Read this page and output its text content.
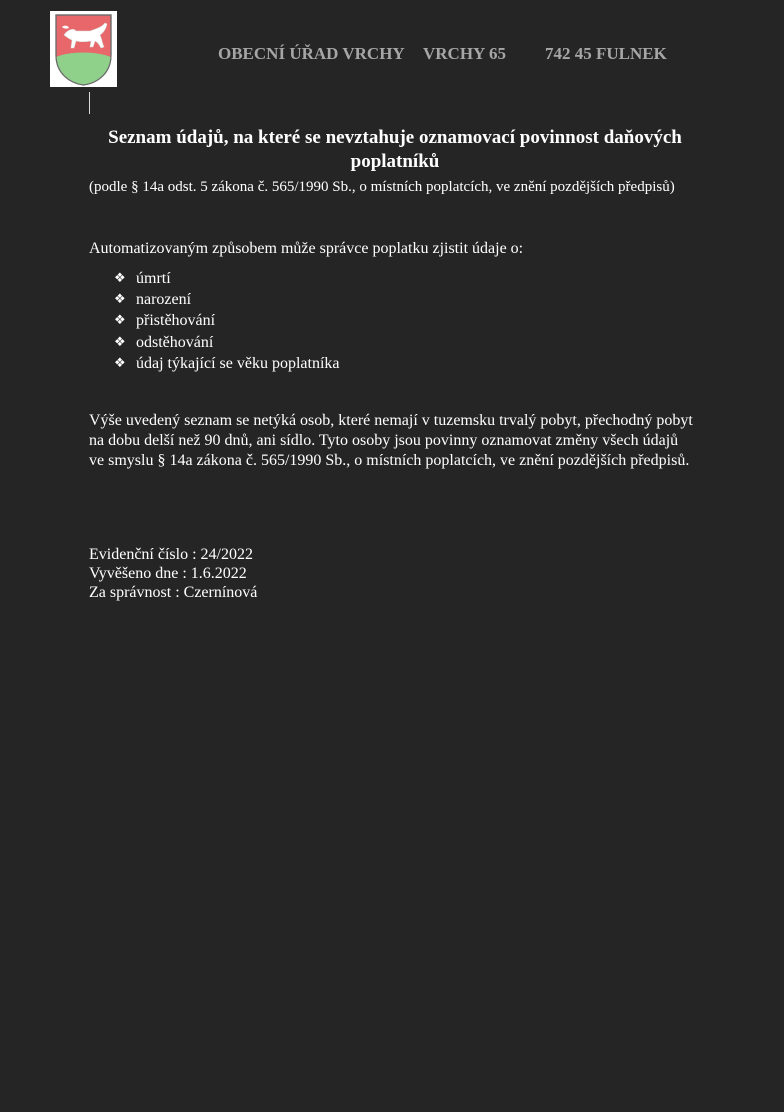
OBECNÍ ÚŘAD VRCHY VRCHY 65 742 45 FULNEK
Seznam údajů, na které se nevztahuje oznamovací povinnost daňových poplatníků

(podle § 14a odst. 5 zákona č. 565/1990 Sb., o místních poplatcích, ve znění pozdějších předpisů)

Automatizovaným způsobem může správce poplatku zjistit údaje o:

❖ úmrtí
❖ narození
❖ přistěhování
❖ odstěhování
❖ údaj týkající se věku poplatníka

Výše uvedený seznam se netýká osob, které nemají v tuzemsku trvalý pobyt, přechodný pobyt na dobu delší než 90 dnů, ani sídlo. Tyto osoby jsou povinny oznamovat změny všech údajů ve smyslu § 14a zákona č. 565/1990 Sb., o místních poplatcích, ve znění pozdějších předpisů.

Evidenční číslo : 24/2022
Vyvěšeno dne : 1.6.2022
Za správnost : Czernínová
